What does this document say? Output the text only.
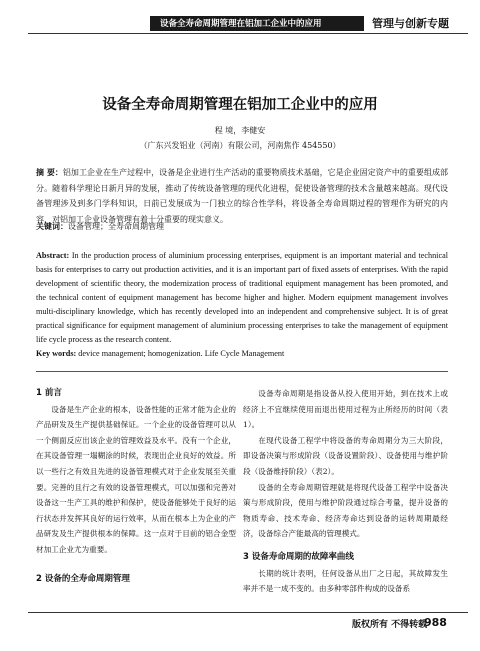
设备全寿命周期管理在铝加工企业中的应用	管理与创新专题
设备全寿命周期管理在铝加工企业中的应用
程 境，李健安
（广东兴发铝业（河南）有限公司，河南焦作 454550）
摘 要：铝加工企业在生产过程中，设备是企业进行生产活动的重要物质技术基础，它是企业固定资产中的重要组成部分。随着科学理论日新月异的发展，推动了传统设备管理的现代化进程，促使设备管理的技术含量越来越高。现代设备管理涉及到多门学科知识，日前已发展成为一门独立的综合性学科，将设备全寿命周期过程的管理作为研究的内容，对铝加工企业设备管理有着十分重要的现实意义。
关键词：设备管理；全寿命周期管理
Abstract: In the production process of aluminium processing enterprises, equipment is an important material and technical basis for enterprises to carry out production activities, and it is an important part of fixed assets of enterprises. With the rapid development of scientific theory, the modernization process of traditional equipment management has been promoted, and the technical content of equipment management has become higher and higher. Modern equipment management involves multi-disciplinary knowledge, which has recently developed into an independent and comprehensive subject. It is of great practical significance for equipment management of aluminium processing enterprises to take the management of equipment life cycle process as the research content.
Key words: device management; homogenization. Life Cycle Management
1 前言

设备是生产企业的根本，设备性能的正常才能为企业的产品研发及生产提供基础保证。一个企业的设备管理可以从一个侧面反应出该企业的管理效益及水平。没有一个企业，在其设备管理一塌糊涂的时候，表现出企业良好的效益。所以一些行之有效且先进的设备管理模式对于企业发展至关重要。完善的且行之有效的设备管理模式，可以加强和完善对设备这一生产工具的维护和保护，使设备能够处于良好的运行状态并发挥其良好的运行效率，从而在根本上为企业的产品研发及生产提供根本的保障。这一点对于目前的铝合金型材加工企业尤为重要。

2 设备的全寿命周期管理

设备寿命周期是指设备从投入使用开始，到在技术上或经济上不宜继续使用而退出使用过程为止所经历的时间（表1）。

在现代设备工程学中将设备的寿命周期分为三大阶段，即设备决策与形成阶段（设备设置阶段）、设备使用与维护阶段（设备维持阶段）（表2）。

设备的全寿命周期管理就是将现代设备工程学中设备决策与形成阶段，使用与维护阶段通过综合考量，提升设备的物质寿命、技术寿命、经济寿命达到设备的运转周期最经济，设备综合产能最高的管理模式。

3 设备寿命周期的故障率曲线

长期的统计表明，任何设备从出厂之日起，其故障发生率并不是一成不变的。由多种零部件构成的设备系

版权所有 不得转载
988
